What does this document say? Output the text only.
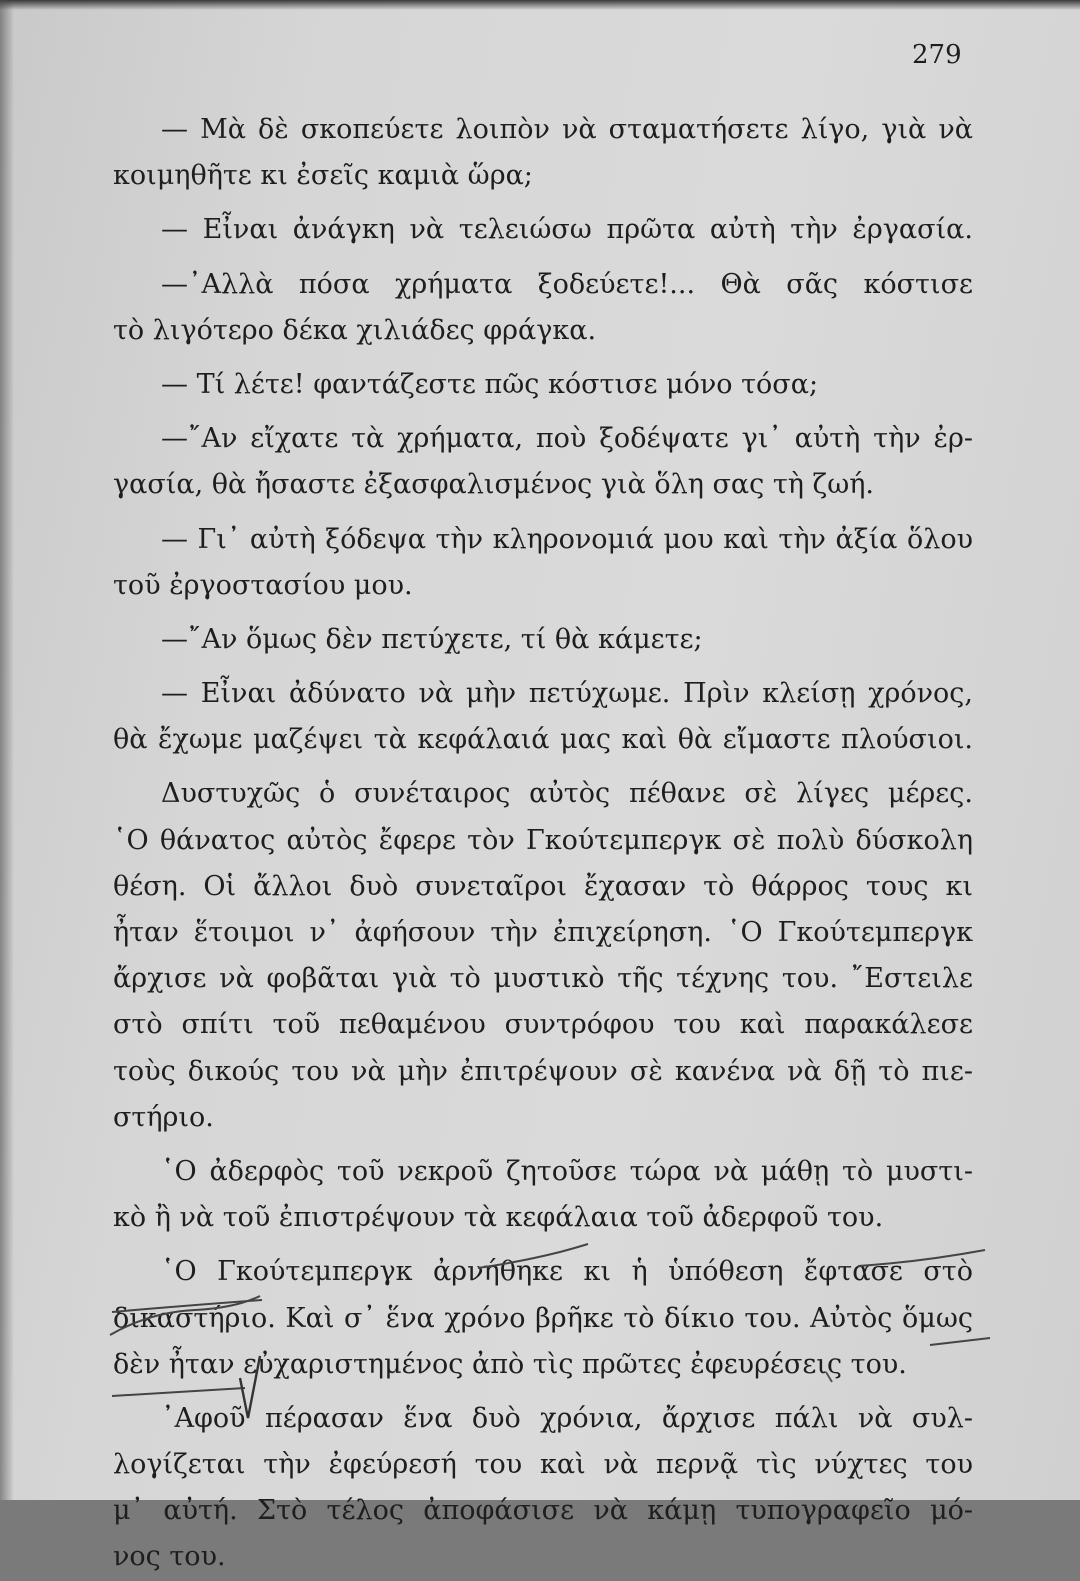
279

— Μὰ δὲ σκοπεύετε λοιπὸν νὰ σταματήσετε λίγο, γιὰ νὰ

κοιμηθῆτε κι ἐσεῖς καμιὰ ὥρα;

— Εἶναι ἀνάγκη νὰ τελειώσω πρῶτα αὐτὴ τὴν ἐργασία.

—᾿Αλλὰ πόσα χρήματα ξοδεύετε!... Θὰ σᾶς κόστισε

τὸ λιγότερο δέκα χιλιάδες φράγκα.

— Τί λέτε! φαντάζεστε πῶς κόστισε μόνο τόσα;

—῎Αν εἴχατε τὰ χρήματα, ποὺ ξοδέψατε γι᾿ αὐτὴ τὴν ἐρ-

γασία, θὰ ἤσαστε ἐξασφαλισμένος γιὰ ὅλη σας τὴ ζωή.

— Γι᾿ αὐτὴ ξόδεψα τὴν κληρονομιά μου καὶ τὴν ἀξία ὅλου

τοῦ ἐργοστασίου μου.

—῎Αν ὅμως δὲν πετύχετε, τί θὰ κάμετε;

— Εἶναι ἀδύνατο νὰ μὴν πετύχωμε. Πρὶν κλείσῃ χρόνος,

θὰ ἔχωμε μαζέψει τὰ κεφάλαιά μας καὶ θὰ εἴμαστε πλούσιοι.

Δυστυχῶς ὁ συνέταιρος αὐτὸς πέθανε σὲ λίγες μέρες.

῾Ο θάνατος αὐτὸς ἔφερε τὸν Γκούτεμπεργκ σὲ πολὺ δύσκολη

θέση. Οἱ ἄλλοι δυὸ συνεταῖροι ἔχασαν τὸ θάρρος τους κι

ἦταν ἕτοιμοι ν᾿ ἀφήσουν τὴν ἐπιχείρηση. ῾Ο Γκούτεμπεργκ

ἄρχισε νὰ φοβᾶται γιὰ τὸ μυστικὸ τῆς τέχνης του. ῎Εστειλε

στὸ σπίτι τοῦ πεθαμένου συντρόφου του καὶ παρακάλεσε

τοὺς δικούς του νὰ μὴν ἐπιτρέψουν σὲ κανένα νὰ δῇ τὸ πιε-

στήριο.

῾Ο ἀδερφὸς τοῦ νεκροῦ ζητοῦσε τώρα νὰ μάθῃ τὸ μυστι-

κὸ ἢ νὰ τοῦ ἐπιστρέψουν τὰ κεφάλαια τοῦ ἀδερφοῦ του.

῾Ο Γκούτεμπεργκ ἀρνήθηκε κι ἡ ὑπόθεση ἔφτασε στὸ

δικαστήριο. Καὶ σ᾿ ἕνα χρόνο βρῆκε τὸ δίκιο του. Αὐτὸς ὅμως

δὲν ἦταν εὐχαριστημένος ἀπὸ τὶς πρῶτες ἐφευρέσεις του.

᾿Αφοῦ πέρασαν ἕνα δυὸ χρόνια, ἄρχισε πάλι νὰ συλ-

λογίζεται τὴν ἐφεύρεσή του καὶ νὰ περνᾷ τὶς νύχτες του

μ᾿ αὐτή. Στὸ τέλος ἀποφάσισε νὰ κάμῃ τυπογραφεῖο μό-

νος του.
